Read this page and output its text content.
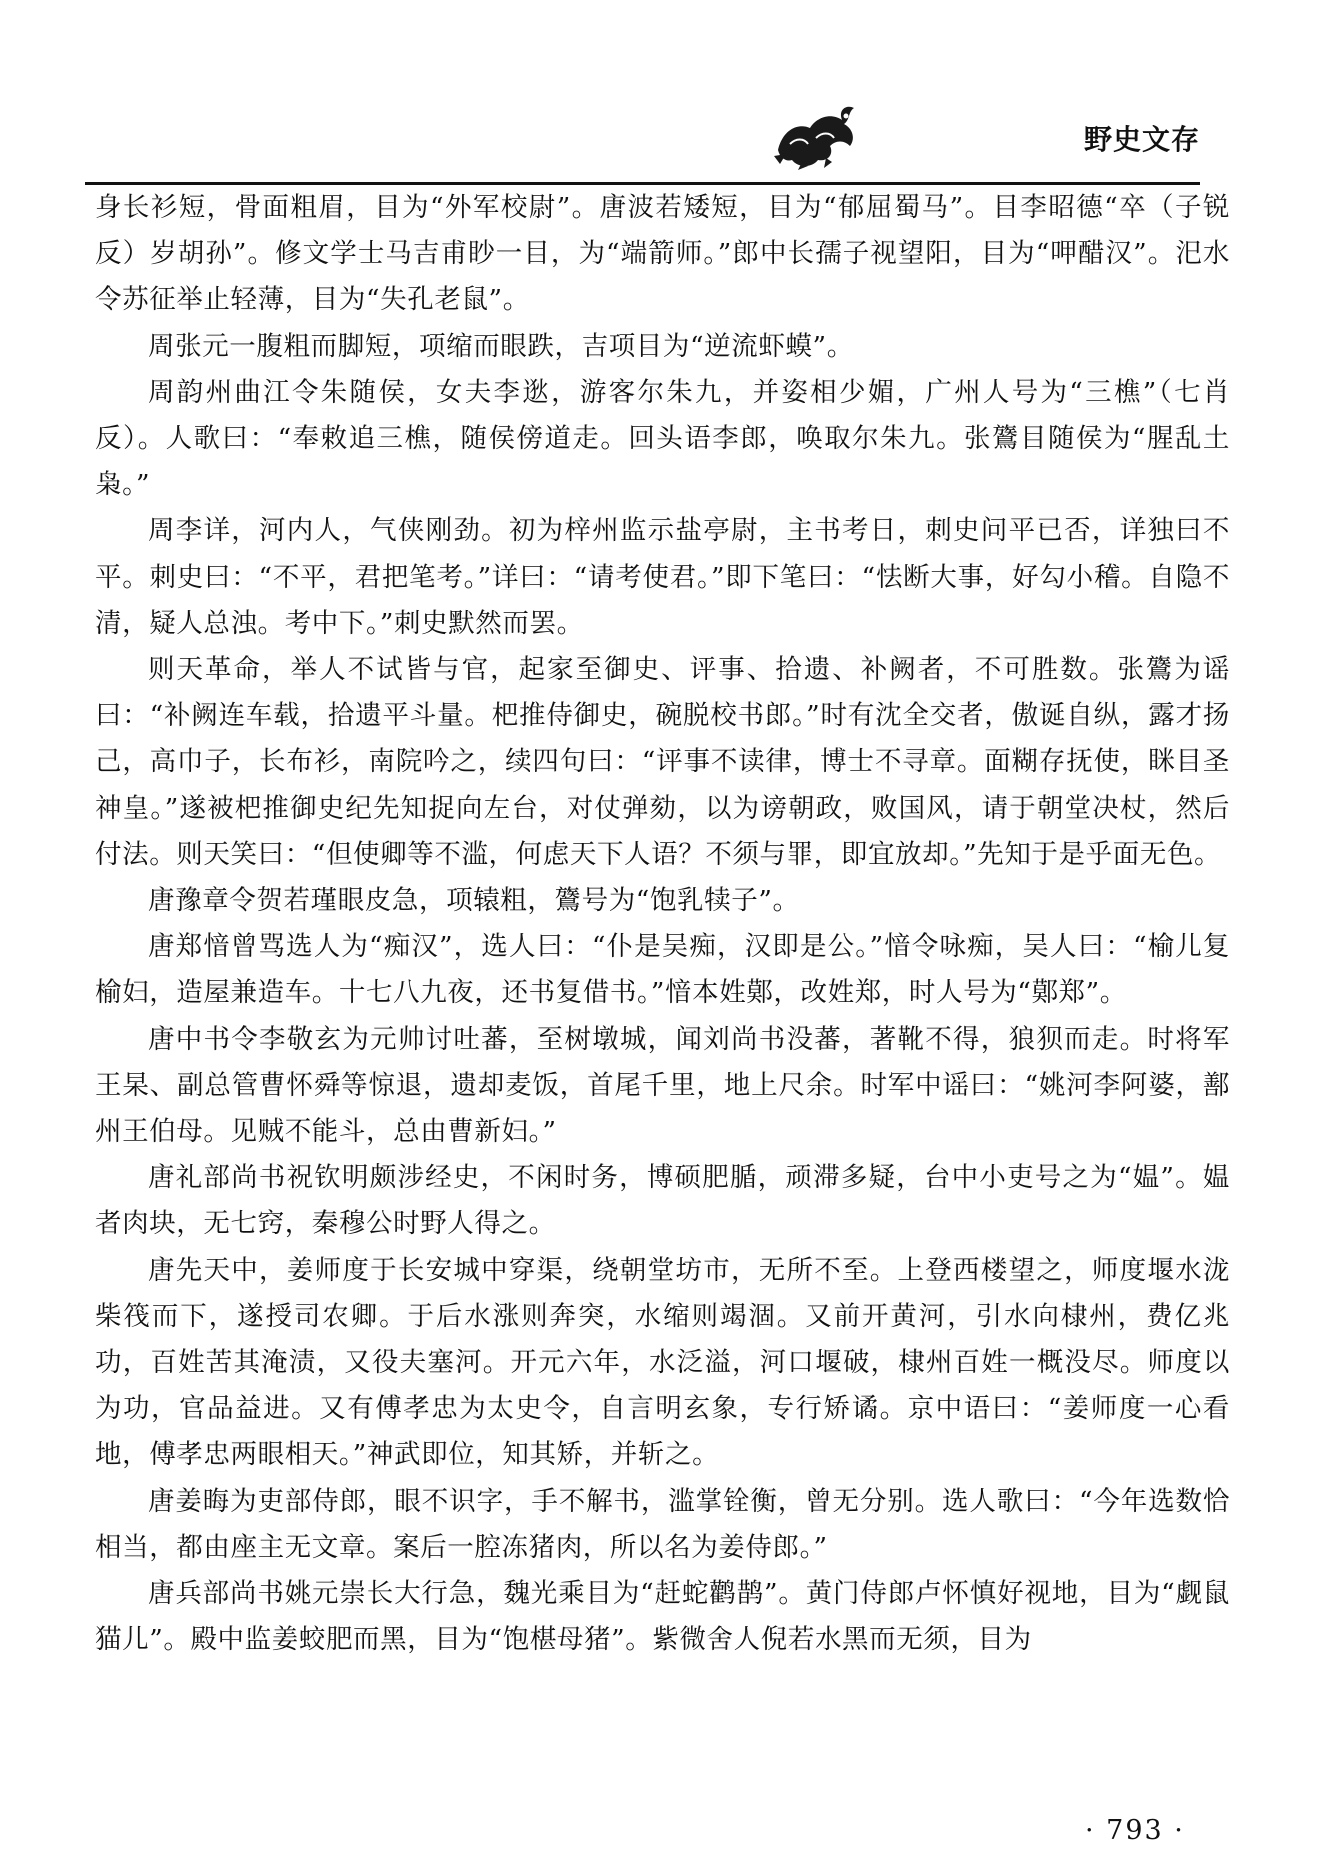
野史文存

身长衫短，骨面粗眉，目为“外军校尉”。唐波若矮短，目为“郁屈蜀马”。目李昭德“卒（子锐反）岁胡孙”。修文学士马吉甫眇一目，为“端箭师。”郎中长孺子视望阳，目为“呷醋汉”。汜水令苏征举止轻薄，目为“失孔老鼠”。

周张元一腹粗而脚短，项缩而眼跌，吉项目为“逆流虾蟆”。

周韵州曲江令朱随侯，女夫李逖，游客尔朱九，并姿相少媚，广州人号为“三樵”（七肖反）。人歌曰：“奉敕追三樵，随侯傍道走。回头语李郎，唤取尔朱九。张鷟目随侯为“腥乱土枭。”

周李详，河内人，气侠刚劲。初为梓州监示盐亭尉，主书考日，刺史问平已否，详独曰不平。刺史曰：“不平，君把笔考。”详曰：“请考使君。”即下笔曰：“怯断大事，好勾小稽。自隐不清，疑人总浊。考中下。”刺史默然而罢。

则天革命，举人不试皆与官，起家至御史、评事、拾遗、补阙者，不可胜数。张鷟为谣曰：“补阙连车载，拾遗平斗量。杷推侍御史，碗脱校书郎。”时有沈全交者，傲诞自纵，露才扬己，高巾子，长布衫，南院吟之，续四句曰：“评事不读律，博士不寻章。面糊存抚使，眯目圣神皇。”遂被杷推御史纪先知捉向左台，对仗弹劾，以为谤朝政，败国风，请于朝堂决杖，然后付法。则天笑曰：“但使卿等不滥，何虑天下人语？不须与罪，即宜放却。”先知于是乎面无色。

唐豫章令贺若瑾眼皮急，项辕粗，鷟号为“饱乳犊子”。

唐郑愔曾骂选人为“痴汉”，选人曰：“仆是吴痴，汉即是公。”愔令咏痴，吴人曰：“榆儿复榆妇，造屋兼造车。十七八九夜，还书复借书。”愔本姓鄚，改姓郑，时人号为“鄚郑”。

唐中书令李敬玄为元帅讨吐蕃，至树墩城，闻刘尚书没蕃，著靴不得，狼狈而走。时将军王杲、副总管曹怀舜等惊退，遗却麦饭，首尾千里，地上尺余。时军中谣曰：“姚河李阿婆，鄯州王伯母。见贼不能斗，总由曹新妇。”

唐礼部尚书祝钦明颇涉经史，不闲时务，博硕肥腯，顽滞多疑，台中小吏号之为“媪”。媪者肉块，无七窍，秦穆公时野人得之。

唐先天中，姜师度于长安城中穿渠，绕朝堂坊市，无所不至。上登西楼望之，师度堰水泷柴筏而下，遂授司农卿。于后水涨则奔突，水缩则竭涸。又前开黄河，引水向棣州，费亿兆功，百姓苦其淹渍，又役夫塞河。开元六年，水泛溢，河口堰破，棣州百姓一概没尽。师度以为功，官品益进。又有傅孝忠为太史令，自言明玄象，专行矫谲。京中语曰：“姜师度一心看地，傅孝忠两眼相天。”神武即位，知其矫，并斩之。

唐姜晦为吏部侍郎，眼不识字，手不解书，滥掌铨衡，曾无分别。选人歌曰：“今年选数恰相当，都由座主无文章。案后一腔冻猪肉，所以名为姜侍郎。”

唐兵部尚书姚元崇长大行急，魏光乘目为“赶蛇鹳鹊”。黄门侍郎卢怀慎好视地，目为“觑鼠猫儿”。殿中监姜蛟肥而黑，目为“饱椹母猪”。紫微舍人倪若水黑而无须，目为

· 793 ·
